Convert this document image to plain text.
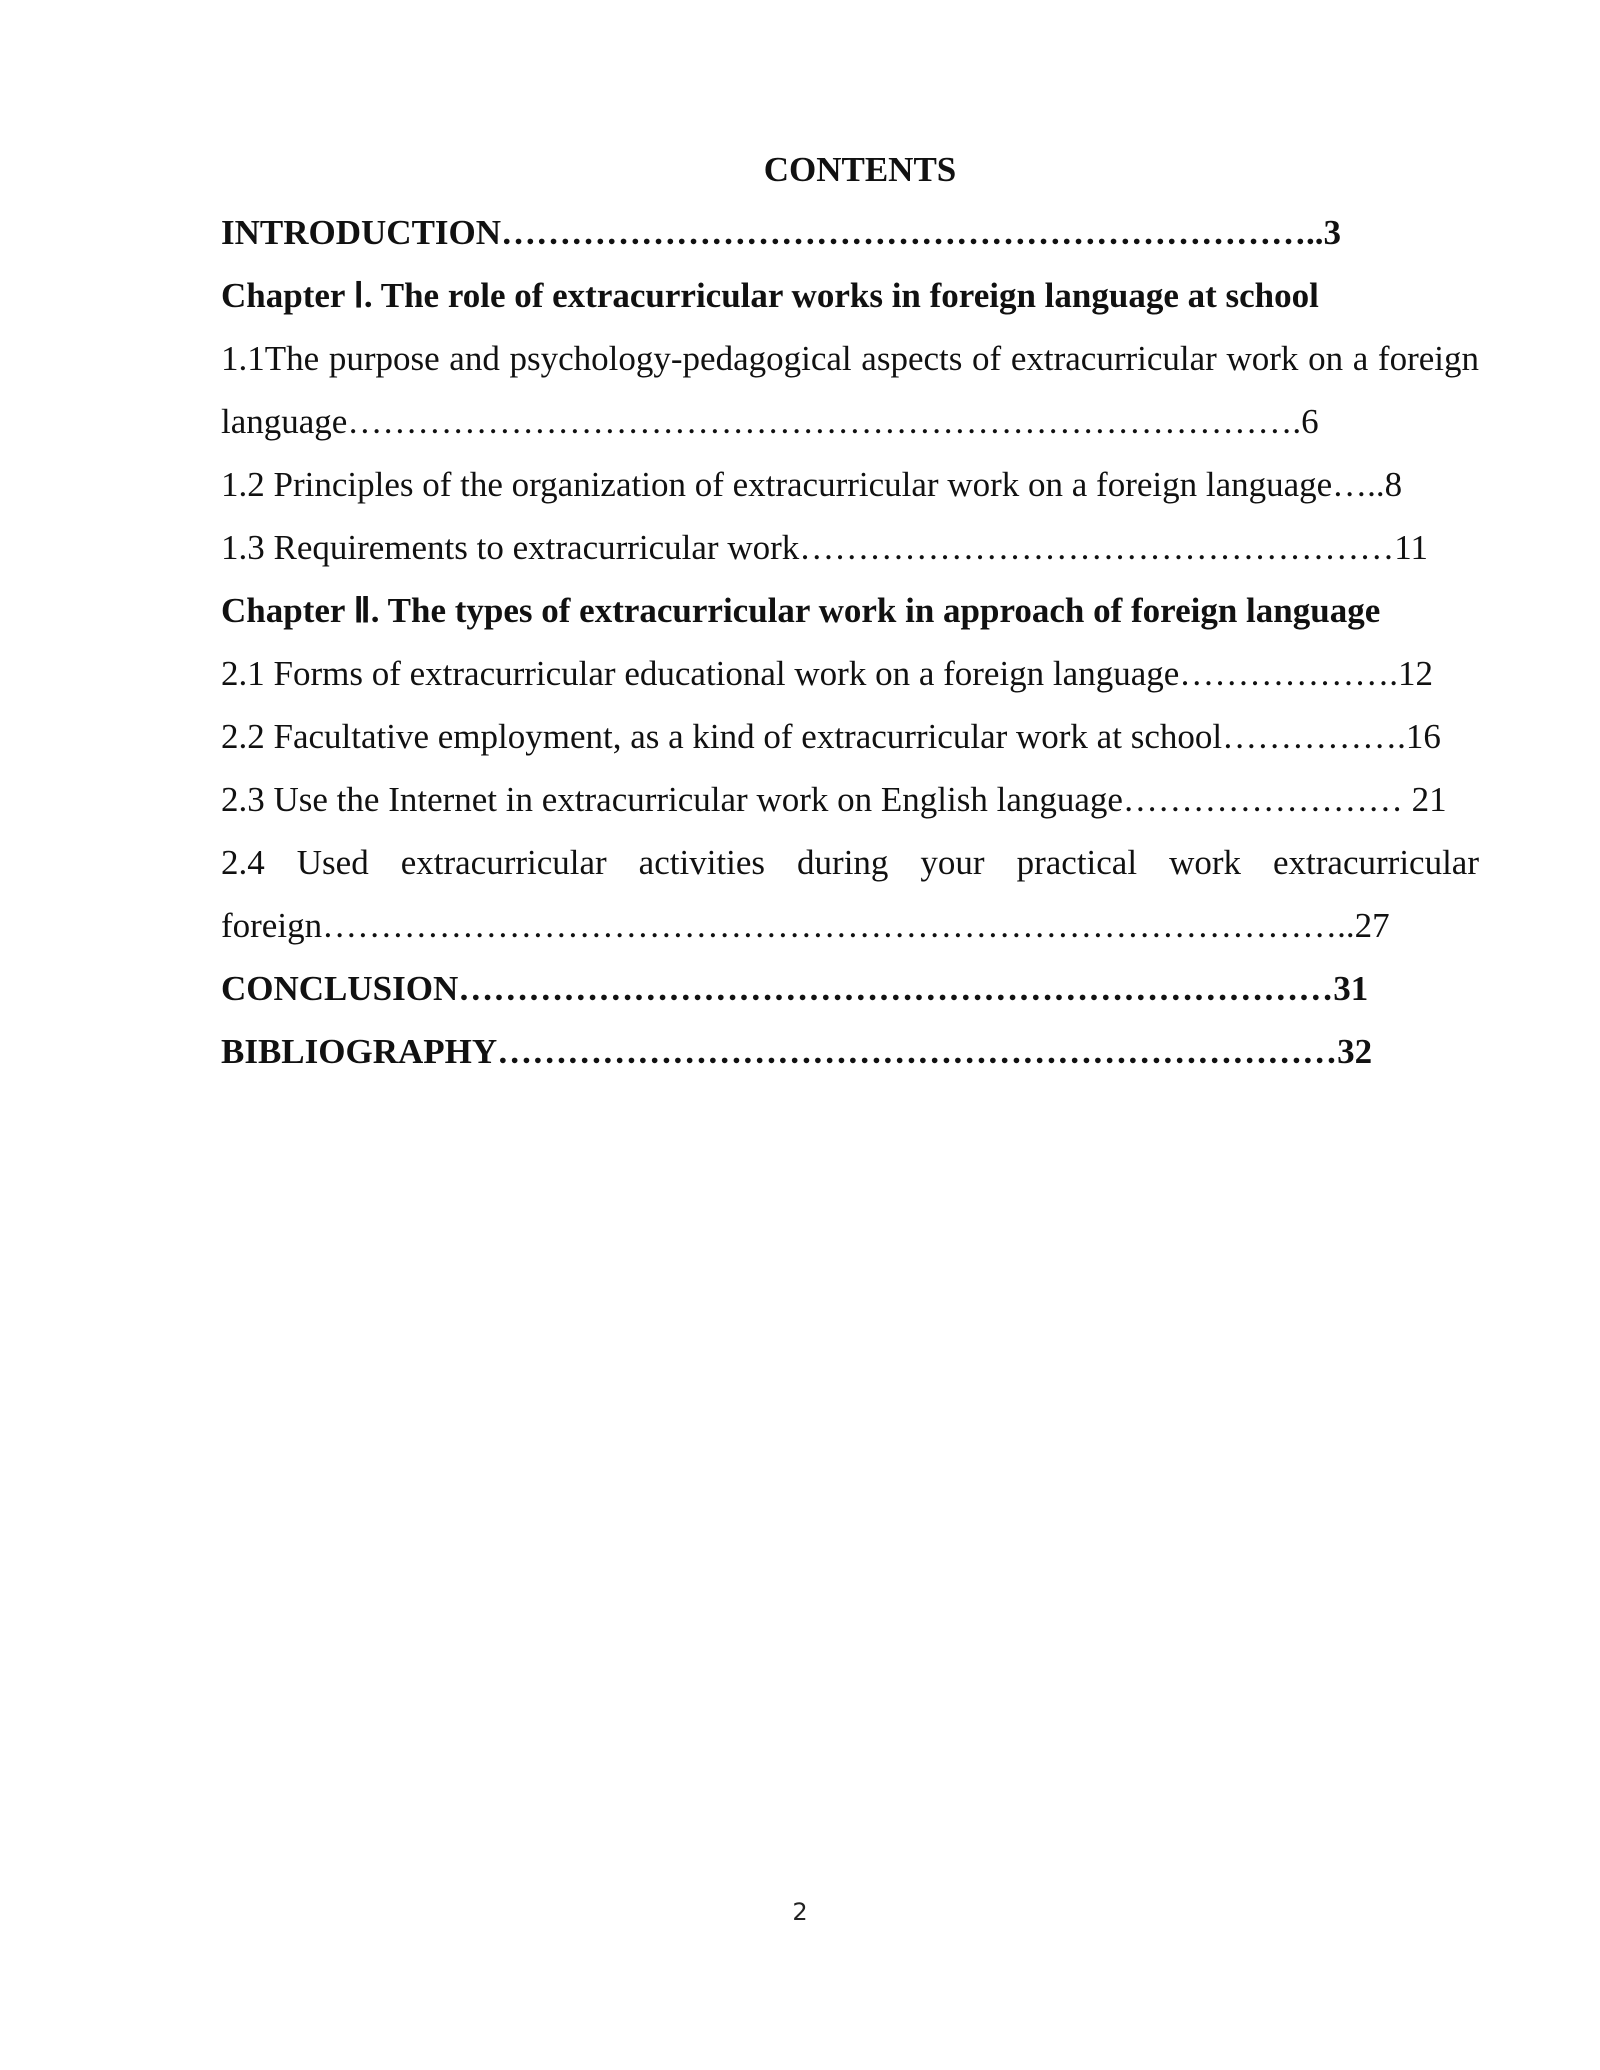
CONTENTS
INTRODUCTION……………………………………………………………..3
Chapter Ⅰ. The role of extracurricular works in foreign language at school
1.1The purpose and psychology-pedagogical aspects of extracurricular work on a foreign language……………………………………………………………………….6
1.2 Principles of the organization of extracurricular work on a foreign language…..8
1.3 Requirements to extracurricular work……………………………………………11
Chapter Ⅱ. The types of extracurricular work in approach of foreign language
2.1 Forms of extracurricular educational work on a foreign language……………….12
2.2 Facultative employment, as a kind of extracurricular work at school…………….16
2.3 Use the Internet in extracurricular work on English language…………………… 21
2.4 Used extracurricular activities during your practical work extracurricular foreign……………………………………………………………………………..27
CONCLUSION…………………………………………………………………31
BIBLIOGRAPHY………………………………………………………………32
2
